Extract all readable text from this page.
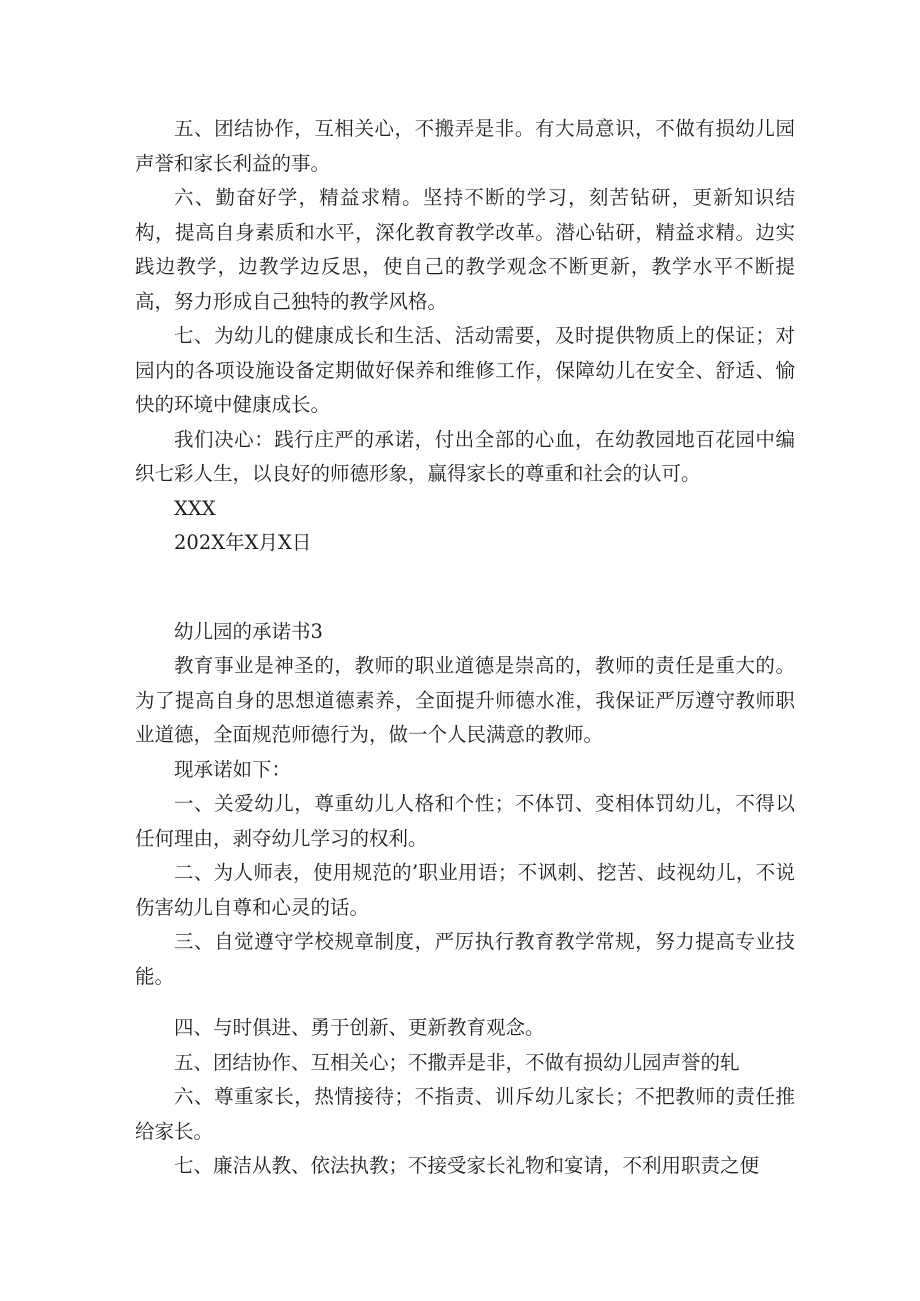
五、团结协作，互相关心，不搬弄是非。有大局意识，不做有损幼儿园声誉和家长利益的事。

六、勤奋好学，精益求精。坚持不断的学习，刻苦钻研，更新知识结构，提高自身素质和水平，深化教育教学改革。潜心钻研，精益求精。边实践边教学，边教学边反思，使自己的教学观念不断更新，教学水平不断提高，努力形成自己独特的教学风格。

七、为幼儿的健康成长和生活、活动需要，及时提供物质上的保证；对园内的各项设施设备定期做好保养和维修工作，保障幼儿在安全、舒适、愉快的环境中健康成长。

我们决心：践行庄严的承诺，付出全部的心血，在幼教园地百花园中编织七彩人生，以良好的师德形象，赢得家长的尊重和社会的认可。

XXX

202X年X月X日

幼儿园的承诺书3

教育事业是神圣的，教师的职业道德是崇高的，教师的责任是重大的。为了提高自身的思想道德素养，全面提升师德水准，我保证严厉遵守教师职业道德，全面规范师德行为，做一个人民满意的教师。

现承诺如下：

一、关爱幼儿，尊重幼儿人格和个性；不体罚、变相体罚幼儿，不得以任何理由，剥夺幼儿学习的权利。

二、为人师表，使用规范的’职业用语；不讽刺、挖苦、歧视幼儿，不说伤害幼儿自尊和心灵的话。

三、自觉遵守学校规章制度，严厉执行教育教学常规，努力提高专业技能。

四、与时俱进、勇于创新、更新教育观念。

五、团结协作、互相关心；不撒弄是非，不做有损幼儿园声誉的轧

六、尊重家长，热情接待；不指责、训斥幼儿家长；不把教师的责任推给家长。

七、廉洁从教、依法执教；不接受家长礼物和宴请，不利用职责之便
